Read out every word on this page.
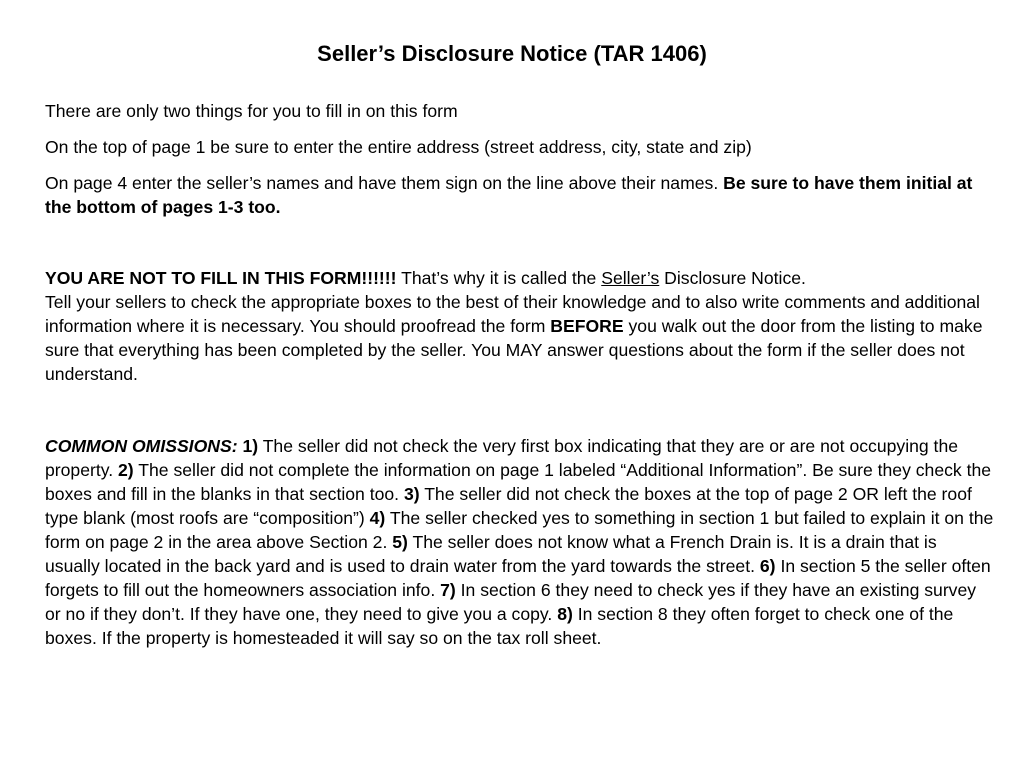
Seller’s Disclosure Notice (TAR 1406)

There are only two things for you to fill in on this form

On the top of page 1 be sure to enter the entire address (street address, city, state and zip)

On page 4 enter the seller’s names and have them sign on the line above their names. Be sure to have them initial at the bottom of pages 1-3 too.

YOU ARE NOT TO FILL IN THIS FORM!!!!!! That’s why it is called the Seller’s Disclosure Notice.
Tell your sellers to check the appropriate boxes to the best of their knowledge and to also write comments and additional information where it is necessary. You should proofread the form BEFORE you walk out the door from the listing to make sure that everything has been completed by the seller. You MAY answer questions about the form if the seller does not understand.

COMMON OMISSIONS: 1) The seller did not check the very first box indicating that they are or are not occupying the property. 2) The seller did not complete the information on page 1 labeled “Additional Information”. Be sure they check the boxes and fill in the blanks in that section too. 3) The seller did not check the boxes at the top of page 2 OR left the roof type blank (most roofs are “composition”) 4) The seller checked yes to something in section 1 but failed to explain it on the form on page 2 in the area above Section 2. 5) The seller does not know what a French Drain is. It is a drain that is usually located in the back yard and is used to drain water from the yard towards the street. 6) In section 5 the seller often forgets to fill out the homeowners association info. 7) In section 6 they need to check yes if they have an existing survey or no if they don’t. If they have one, they need to give you a copy. 8) In section 8 they often forget to check one of the boxes. If the property is homesteaded it will say so on the tax roll sheet.
